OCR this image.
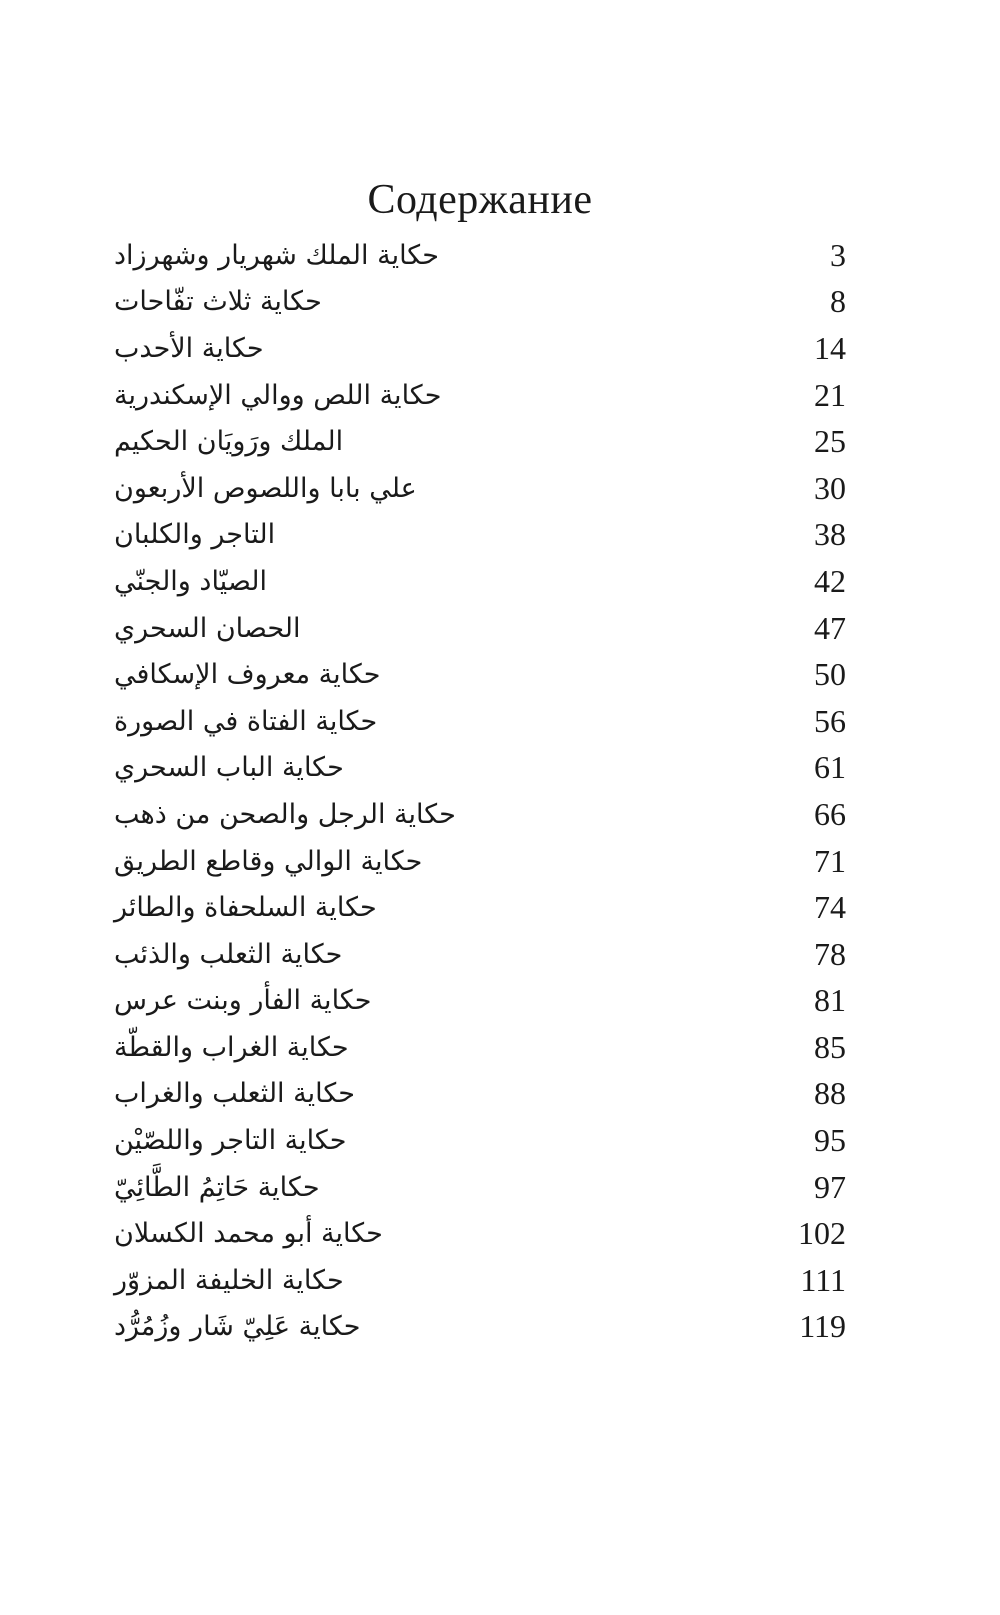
Содержание
حكاية الملك شهريار وشهرزاد	3
حكاية ثلاث تفّاحات	8
حكاية الأحدب	14
حكاية اللص ووالي الإسكندرية	21
الملك ورَويَان الحكيم	25
علي بابا واللصوص الأربعون	30
التاجر والكلبان	38
الصيّاد والجنّي	42
الحصان السحري	47
حكاية معروف الإسكافي	50
حكاية الفتاة في الصورة	56
حكاية الباب السحري	61
حكاية الرجل والصحن من ذهب	66
حكاية الوالي وقاطع الطريق	71
حكاية السلحفاة والطائر	74
حكاية الثعلب والذئب	78
حكاية الفأر وبنت عرس	81
حكاية الغراب والقطّة	85
حكاية الثعلب والغراب	88
حكاية التاجر واللصّيْن	95
حكاية حَاتِمُ الطَّائِيّ	97
حكاية أبو محمد الكسلان	102
حكاية الخليفة المزوّر	111
حكاية عَلِيّ شَار وزُمُرُّد	119
